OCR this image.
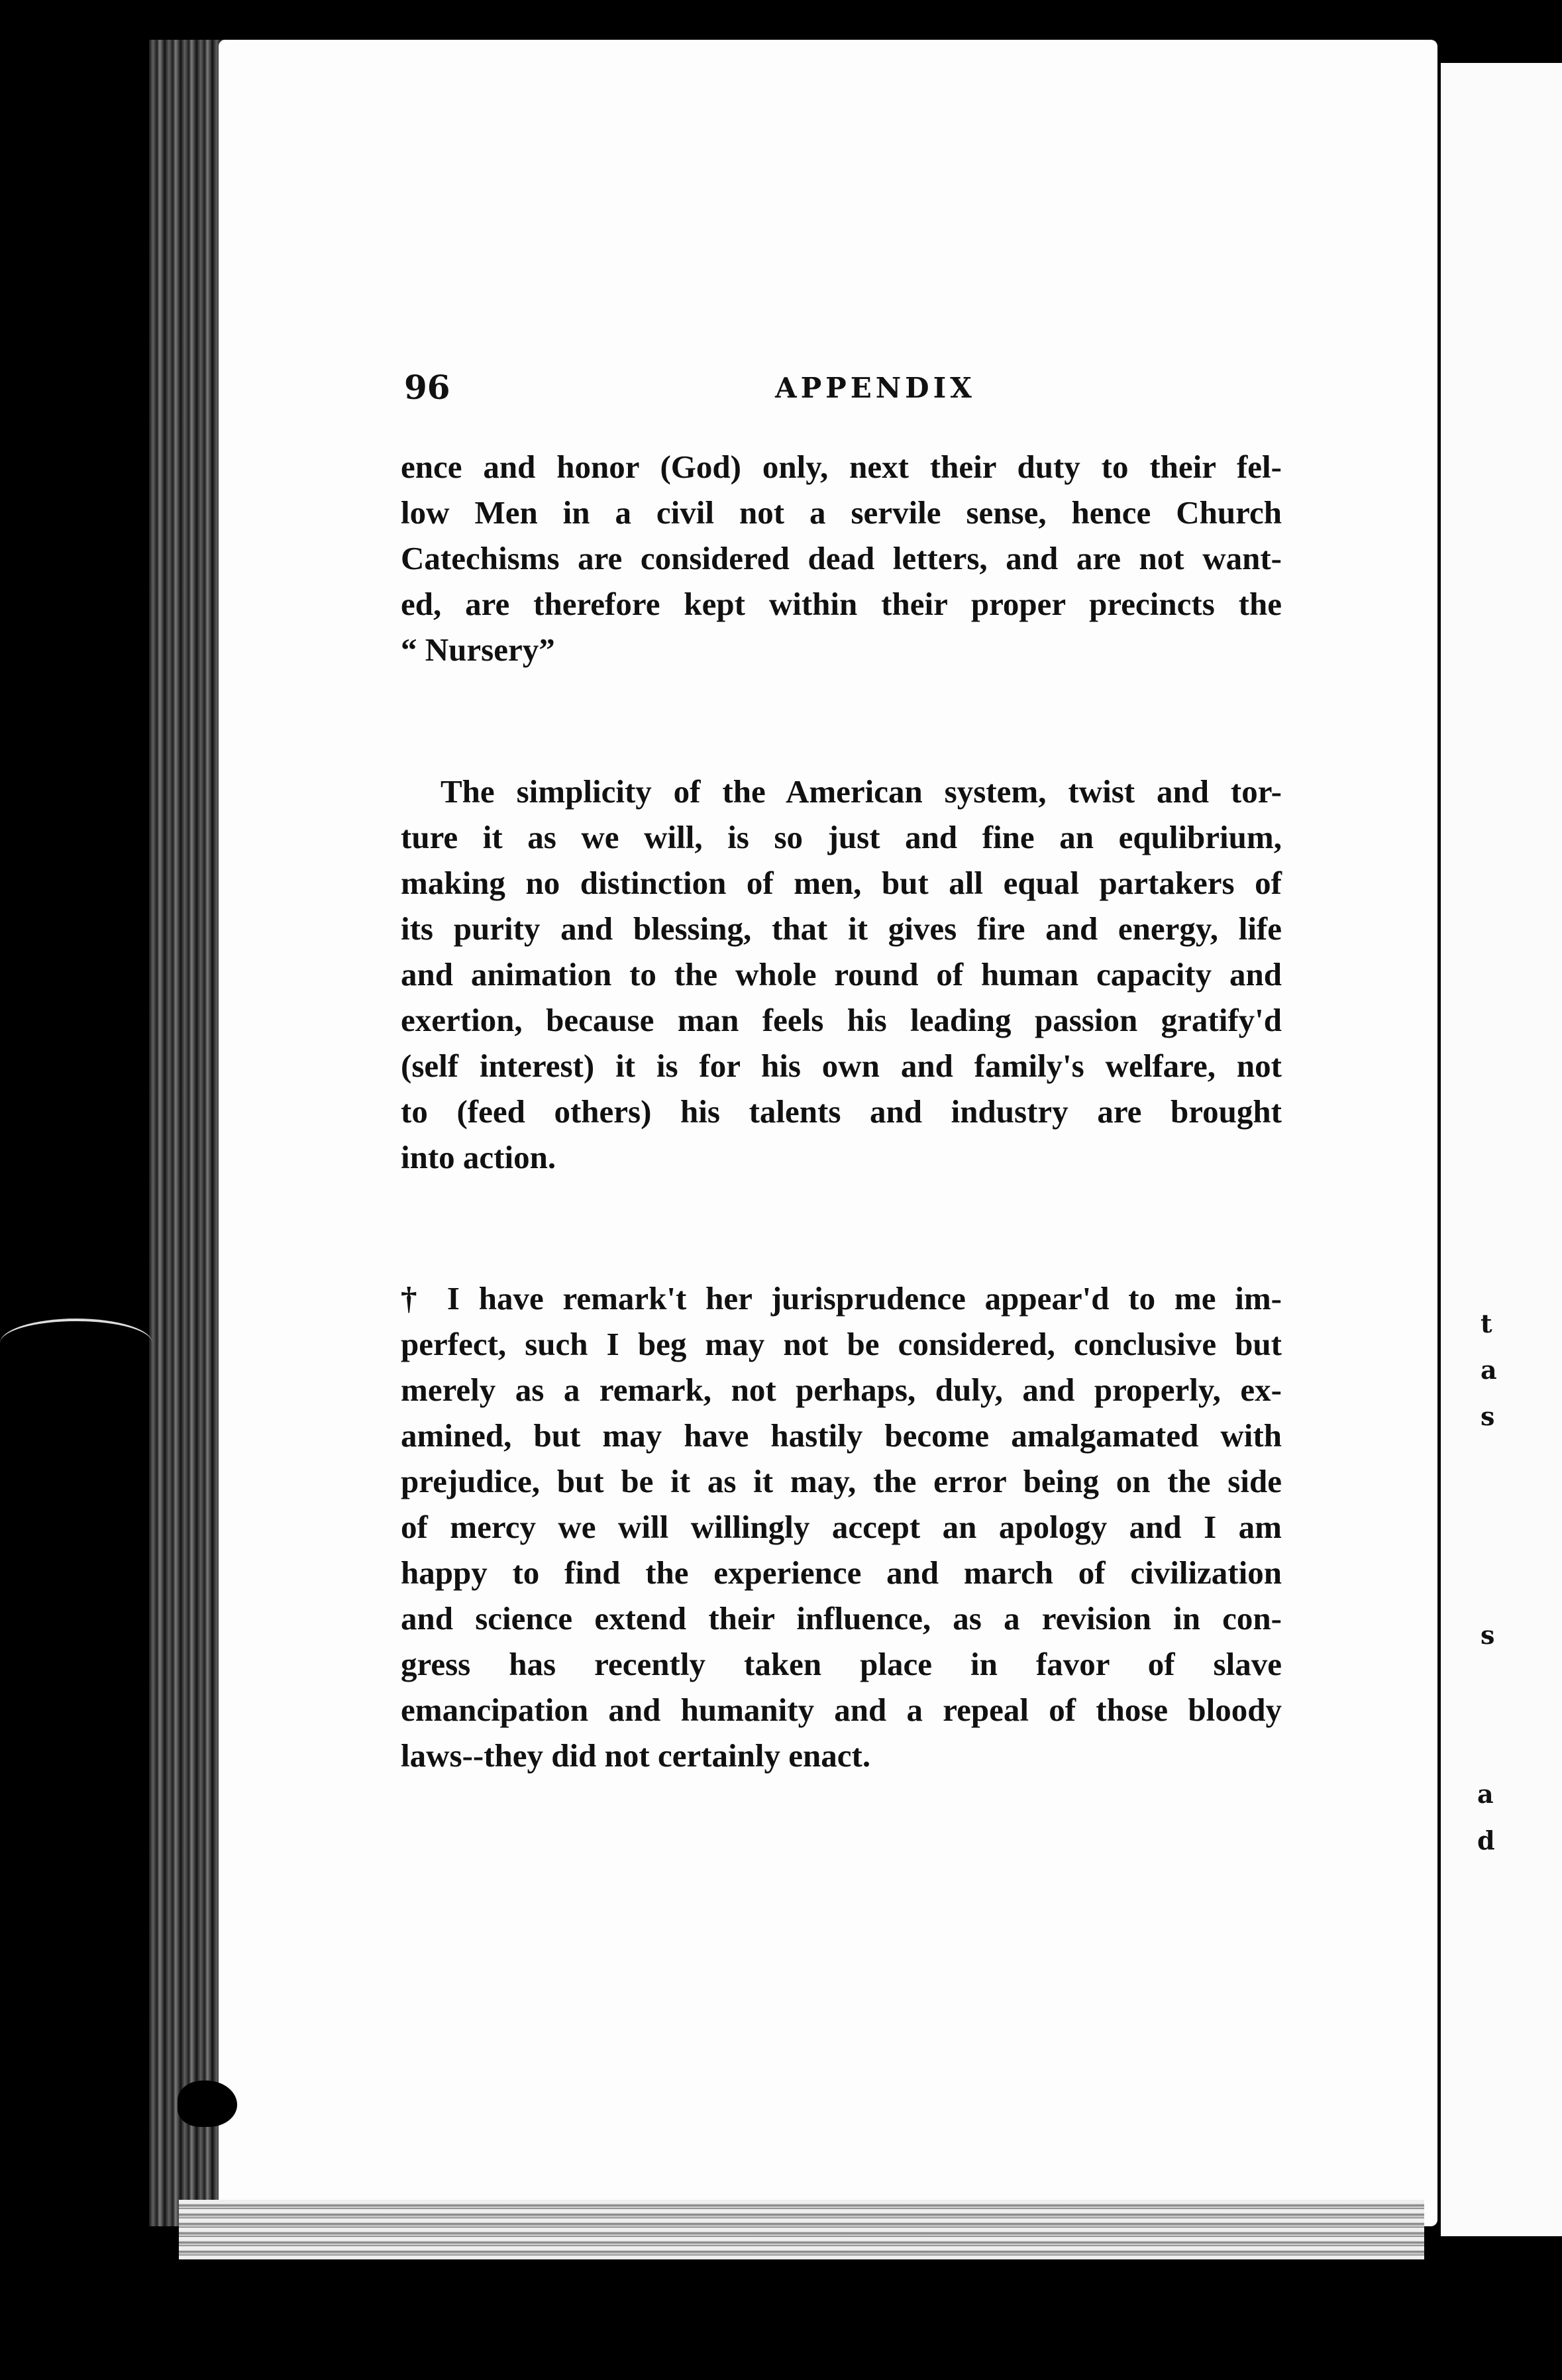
t
a
s
s
a
d
96	APPENDIX
ence and honor (God) only, next their duty to their fel-
low Men in a civil not a servile sense, hence Church
Catechisms are considered dead letters, and are not want-
ed, are therefore kept within their proper precincts the
“ Nursery”
The simplicity of the American system, twist and tor-
ture it as we will, is so just and fine an equlibrium,
making no distinction of men, but all equal partakers of
its purity and blessing, that it gives fire and energy, life
and animation to the whole round of human capacity and
exertion, because man feels his leading passion gratify'd
(self interest) it is for his own and family's welfare, not
to (feed others) his talents and industry are brought
into action.
† I have remark't her jurisprudence appear'd to me im-
perfect, such I beg may not be considered, conclusive but
merely as a remark, not perhaps, duly, and properly, ex-
amined, but may have hastily become amalgamated with
prejudice, but be it as it may, the error being on the side
of mercy we will willingly accept an apology and I am
happy to find the experience and march of civilization
and science extend their influence, as a revision in con-
gress has recently taken place in favor of slave
emancipation and humanity and a repeal of those bloody
laws--they did not certainly enact.
